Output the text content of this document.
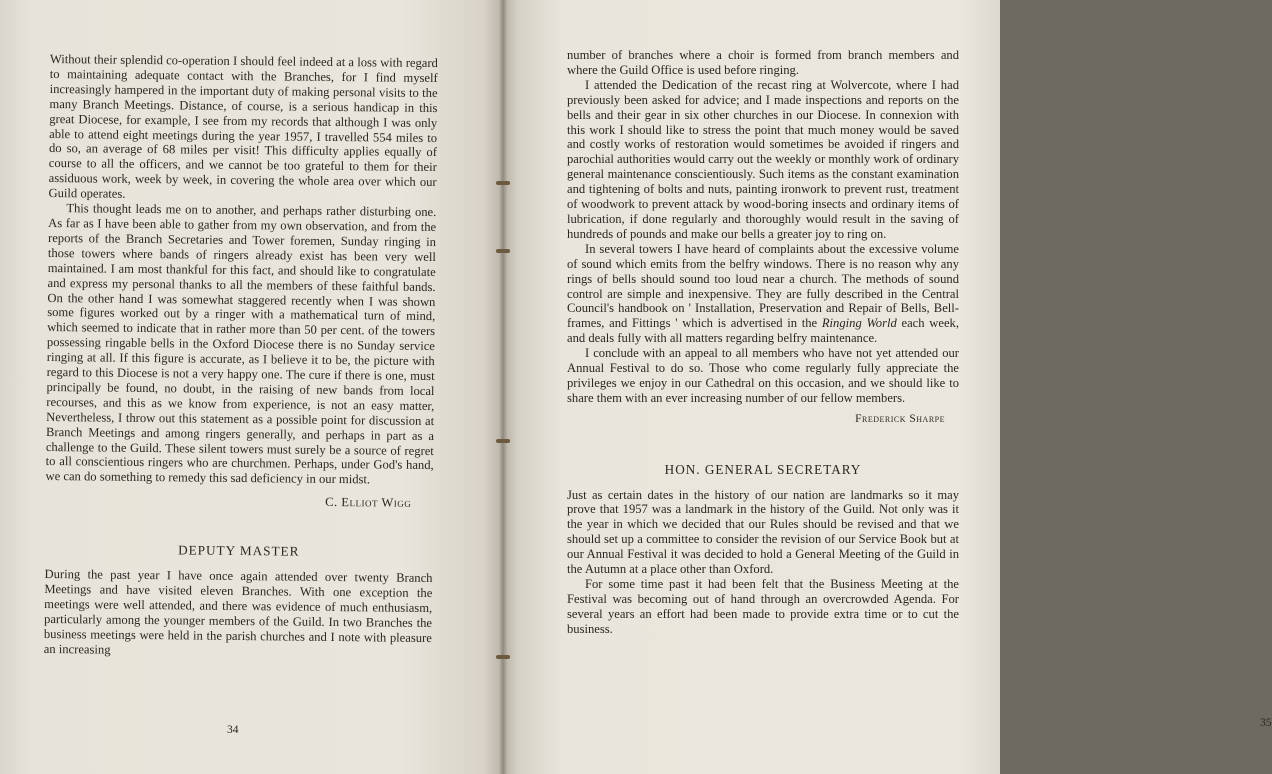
Without their splendid co-operation I should feel indeed at a loss with regard to maintaining adequate contact with the Branches, for I find myself increasingly hampered in the important duty of making personal visits to the many Branch Meetings. Distance, of course, is a serious handicap in this great Diocese, for example, I see from my records that although I was only able to attend eight meetings during the year 1957, I travelled 554 miles to do so, an average of 68 miles per visit! This difficulty applies equally of course to all the officers, and we cannot be too grateful to them for their assiduous work, week by week, in covering the whole area over which our Guild operates.

This thought leads me on to another, and perhaps rather disturbing one. As far as I have been able to gather from my own observation, and from the reports of the Branch Secretaries and Tower foremen, Sunday ringing in those towers where bands of ringers already exist has been very well maintained. I am most thankful for this fact, and should like to congratulate and express my personal thanks to all the members of these faithful bands. On the other hand I was somewhat staggered recently when I was shown some figures worked out by a ringer with a mathematical turn of mind, which seemed to indicate that in rather more than 50 per cent. of the towers possessing ringable bells in the Oxford Diocese there is no Sunday service ringing at all. If this figure is accurate, as I believe it to be, the picture with regard to this Diocese is not a very happy one. The cure if there is one, must principally be found, no doubt, in the raising of new bands from local recourses, and this as we know from experience, is not an easy matter, Nevertheless, I throw out this statement as a possible point for discussion at Branch Meetings and among ringers generally, and perhaps in part as a challenge to the Guild. These silent towers must surely be a source of regret to all conscientious ringers who are churchmen. Perhaps, under God's hand, we can do something to remedy this sad deficiency in our midst.

C. Elliot Wigg
DEPUTY MASTER

During the past year I have once again attended over twenty Branch Meetings and have visited eleven Branches. With one exception the meetings were well attended, and there was evidence of much enthusiasm, particularly among the younger members of the Guild. In two Branches the business meetings were held in the parish churches and I note with pleasure an increasing

34
35

number of branches where a choir is formed from branch members and where the Guild Office is used before ringing.

I attended the Dedication of the recast ring at Wolvercote, where I had previously been asked for advice; and I made inspections and reports on the bells and their gear in six other churches in our Diocese. In connexion with this work I should like to stress the point that much money would be saved and costly works of restoration would sometimes be avoided if ringers and parochial authorities would carry out the weekly or monthly work of ordinary general maintenance conscientiously. Such items as the constant examination and tightening of bolts and nuts, painting ironwork to prevent rust, treatment of woodwork to prevent attack by wood-boring insects and ordinary items of lubrication, if done regularly and thoroughly would result in the saving of hundreds of pounds and make our bells a greater joy to ring on.

In several towers I have heard of complaints about the excessive volume of sound which emits from the belfry windows. There is no reason why any rings of bells should sound too loud near a church. The methods of sound control are simple and inexpensive. They are fully described in the Central Council's handbook on ' Installation, Preservation and Repair of Bells, Bell-frames, and Fittings ' which is advertised in the Ringing World each week, and deals fully with all matters regarding belfry maintenance.

I conclude with an appeal to all members who have not yet attended our Annual Festival to do so. Those who come regularly fully appreciate the privileges we enjoy in our Cathedral on this occasion, and we should like to share them with an ever increasing number of our fellow members.

Frederick Sharpe
HON. GENERAL SECRETARY

Just as certain dates in the history of our nation are landmarks so it may prove that 1957 was a landmark in the history of the Guild. Not only was it the year in which we decided that our Rules should be revised and that we should set up a committee to consider the revision of our Service Book but at our Annual Festival it was decided to hold a General Meeting of the Guild in the Autumn at a place other than Oxford.

For some time past it had been felt that the Business Meeting at the Festival was becoming out of hand through an overcrowded Agenda. For several years an effort had been made to provide extra time or to cut the business.
